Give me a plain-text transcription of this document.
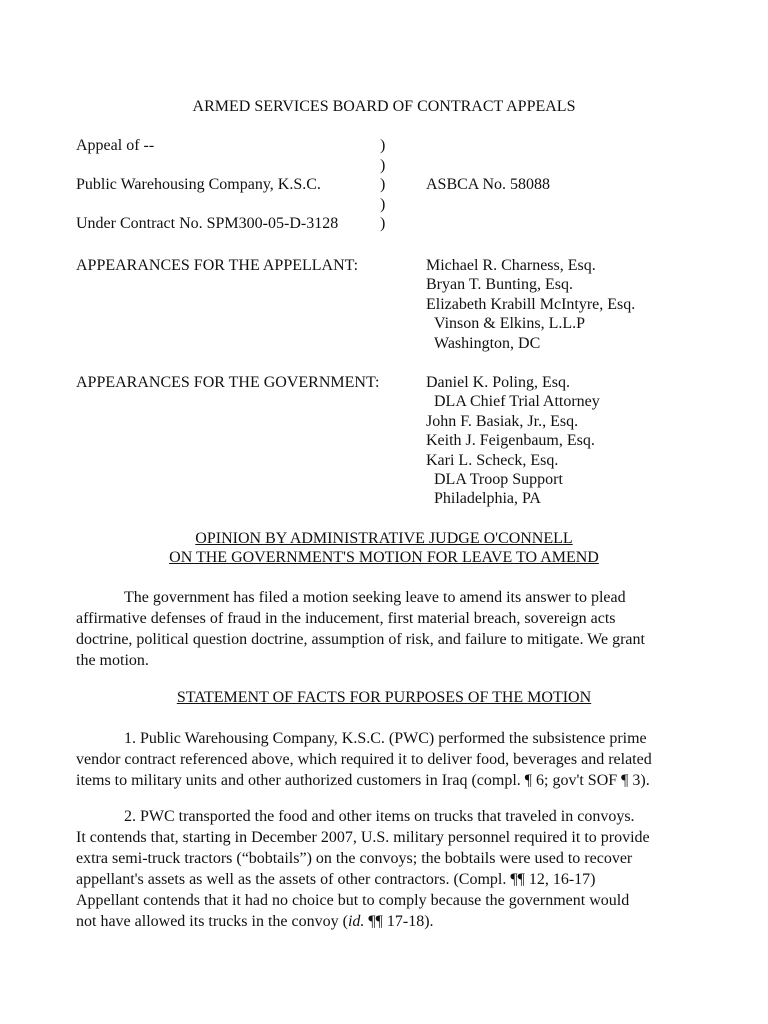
ARMED SERVICES BOARD OF CONTRACT APPEALS
Appeal of --
Public Warehousing Company, K.S.C.
Under Contract No. SPM300-05-D-3128
)
)
)
)
)
ASBCA No. 58088
APPEARANCES FOR THE APPELLANT:	Michael R. Charness, Esq.
Bryan T. Bunting, Esq.
Elizabeth Krabill McIntyre, Esq.
Vinson & Elkins, L.L.P
Washington, DC
APPEARANCES FOR THE GOVERNMENT:	Daniel K. Poling, Esq.
DLA Chief Trial Attorney
John F. Basiak, Jr., Esq.
Keith J. Feigenbaum, Esq.
Kari L. Scheck, Esq.
DLA Troop Support
Philadelphia, PA
OPINION BY ADMINISTRATIVE JUDGE O'CONNELL
ON THE GOVERNMENT'S MOTION FOR LEAVE TO AMEND
The government has filed a motion seeking leave to amend its answer to plead
affirmative defenses of fraud in the inducement, first material breach, sovereign acts
doctrine, political question doctrine, assumption of risk, and failure to mitigate. We grant
the motion.
STATEMENT OF FACTS FOR PURPOSES OF THE MOTION
1. Public Warehousing Company, K.S.C. (PWC) performed the subsistence prime
vendor contract referenced above, which required it to deliver food, beverages and related
items to military units and other authorized customers in Iraq (compl. ¶ 6; gov't SOF ¶ 3).
2. PWC transported the food and other items on trucks that traveled in convoys.
It contends that, starting in December 2007, U.S. military personnel required it to provide
extra semi-truck tractors (“bobtails”) on the convoys; the bobtails were used to recover
appellant's assets as well as the assets of other contractors. (Compl. ¶¶ 12, 16-17)
Appellant contends that it had no choice but to comply because the government would
not have allowed its trucks in the convoy (id. ¶¶ 17-18).
